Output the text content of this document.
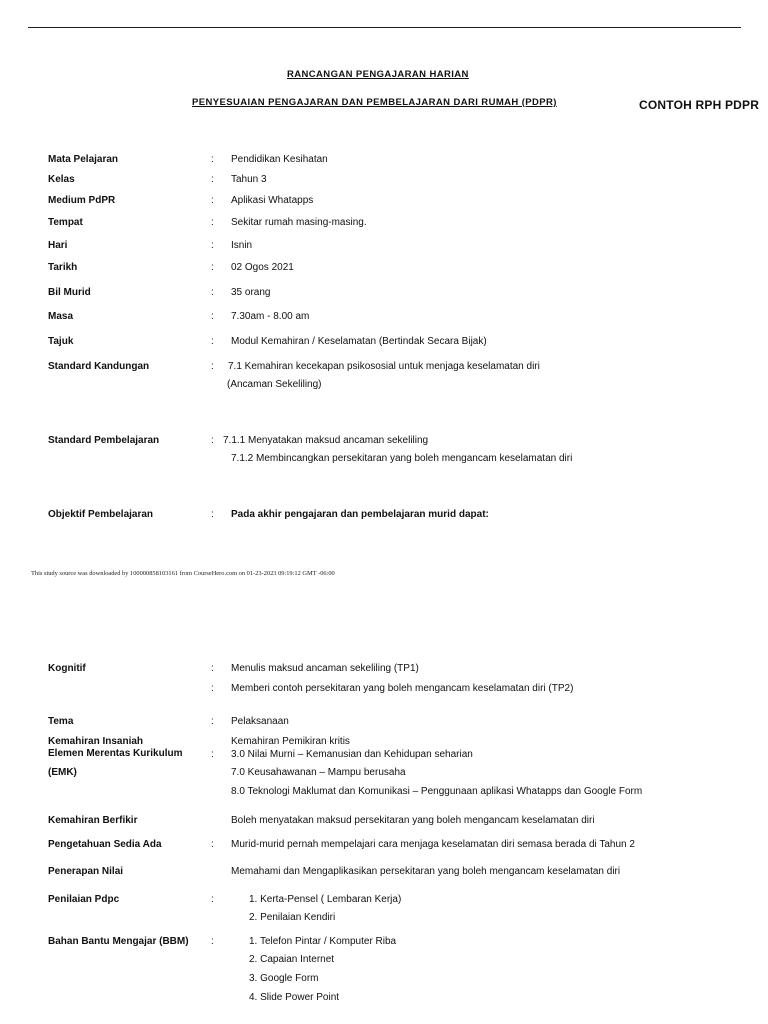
RANCANGAN PENGAJARAN HARIAN
PENYESUAIAN PENGAJARAN DAN PEMBELAJARAN DARI RUMAH (PDPR)	CONTOH RPH PDPR
Mata Pelajaran	: Pendidikan Kesihatan
Kelas	: Tahun 3
Medium PdPR	: Aplikasi Whatapps
Tempat	: Sekitar rumah masing-masing.
Hari	: Isnin
Tarikh	: 02 Ogos 2021
Bil Murid	: 35 orang
Masa	: 7.30am - 8.00 am
Tajuk	: Modul Kemahiran / Keselamatan (Bertindak Secara Bijak)
Standard Kandungan	: 7.1 Kemahiran kecekapan psikososial untuk menjaga keselamatan diri
(Ancaman Sekeliling)
Standard Pembelajaran	: 7.1.1 Menyatakan maksud ancaman sekeliling
7.1.2 Membincangkan persekitaran yang boleh mengancam keselamatan diri
Objektif Pembelajaran	: Pada akhir pengajaran dan pembelajaran murid dapat:
This study source was downloaded by 100000858103161 from CourseHero.com on 01-23-2023 09:19:12 GMT -06:00
Kognitif	: Menulis maksud ancaman sekeliling (TP1)
: Memberi contoh persekitaran yang boleh mengancam keselamatan diri (TP2)
Tema	: Pelaksanaan
Kemahiran Insaniah	Kemahiran Pemikiran kritis
Elemen Merentas Kurikulum	: 3.0 Nilai Murni – Kemanusian dan Kehidupan seharian
(EMK)	7.0 Keusahawanan – Mampu berusaha
8.0 Teknologi Maklumat dan Komunikasi – Penggunaan aplikasi Whatapps dan Google Form
Kemahiran Berfikir	Boleh menyatakan maksud persekitaran yang boleh mengancam keselamatan diri
Pengetahuan Sedia Ada	: Murid-murid pernah mempelajari cara menjaga keselamatan diri semasa berada di Tahun 2
Penerapan Nilai	Memahami dan Mengaplikasikan persekitaran yang boleh mengancam keselamatan diri
Penilaian Pdpc	:	1. Kerta-Pensel ( Lembaran Kerja)
2. Penilaian Kendiri
Bahan Bantu Mengajar (BBM) :	1. Telefon Pintar / Komputer Riba
2. Capaian Internet
3. Google Form
4. Slide Power Point
